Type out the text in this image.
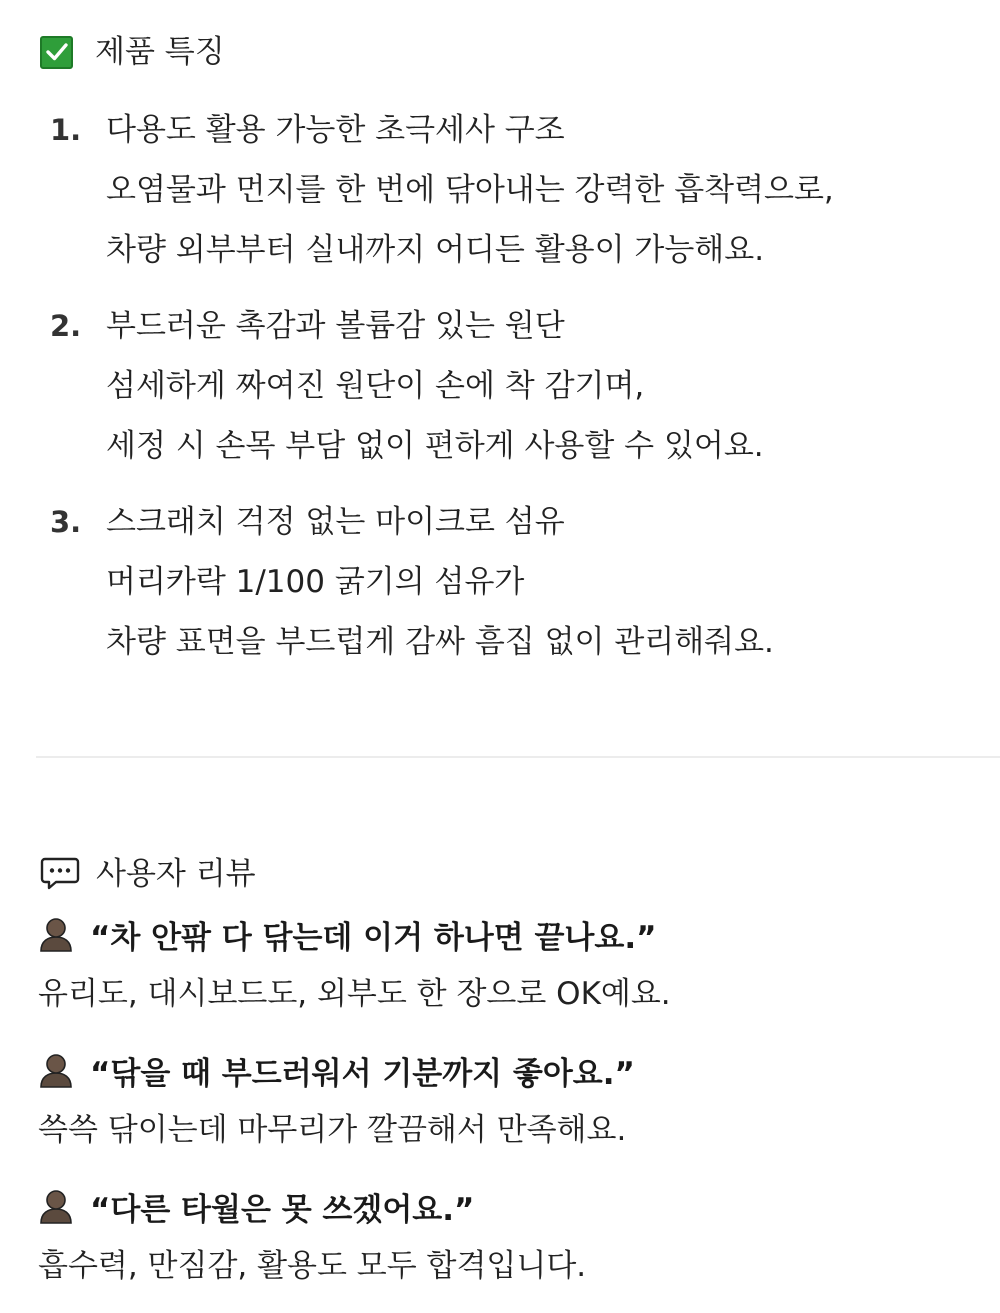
제품 특징
1. 다용도 활용 가능한 초극세사 구조
오염물과 먼지를 한 번에 닦아내는 강력한 흡착력으로,
차량 외부부터 실내까지 어디든 활용이 가능해요.
2. 부드러운 촉감과 볼륨감 있는 원단
섬세하게 짜여진 원단이 손에 착 감기며,
세정 시 손목 부담 없이 편하게 사용할 수 있어요.
3. 스크래치 걱정 없는 마이크로 섬유
머리카락 1/100 굵기의 섬유가
차량 표면을 부드럽게 감싸 흠집 없이 관리해줘요.
사용자 리뷰
“차 안팎 다 닦는데 이거 하나면 끝나요.”
유리도, 대시보드도, 외부도 한 장으로 OK예요.
“닦을 때 부드러워서 기분까지 좋아요.”
쓱쓱 닦이는데 마무리가 깔끔해서 만족해요.
“다른 타월은 못 쓰겠어요.”
흡수력, 만짐감, 활용도 모두 합격입니다.
